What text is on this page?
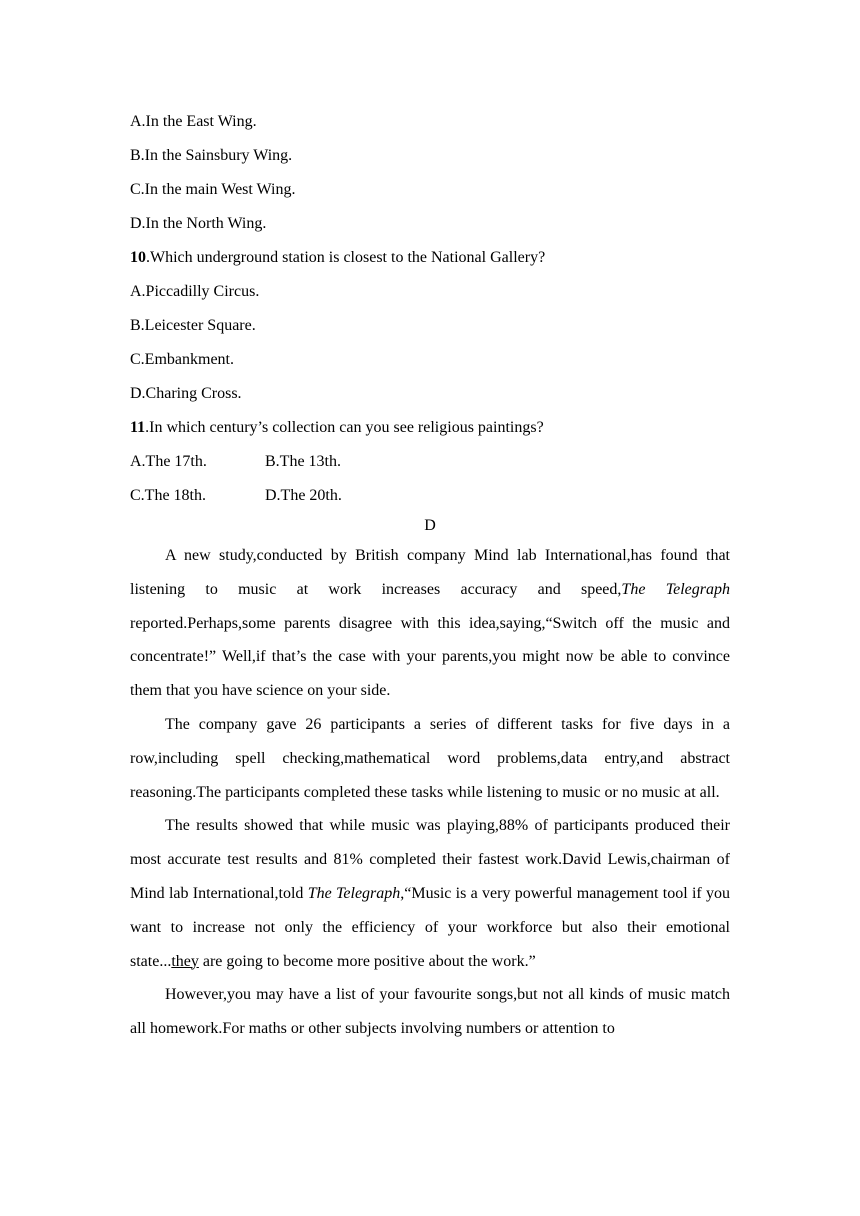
A.In the East Wing.
B.In the Sainsbury Wing.
C.In the main West Wing.
D.In the North Wing.
10.Which underground station is closest to the National Gallery?
A.Piccadilly Circus.
B.Leicester Square.
C.Embankment.
D.Charing Cross.
11.In which century’s collection can you see religious paintings?
A.The 17th.	B.The 13th.
C.The 18th.	D.The 20th.
D

A new study,conducted by British company Mind lab International,has found that listening to music at work increases accuracy and speed,The Telegraph reported.Perhaps,some parents disagree with this idea,saying,“Switch off the music and concentrate!” Well,if that’s the case with your parents,you might now be able to convince them that you have science on your side.

The company gave 26 participants a series of different tasks for five days in a row,including spell checking,mathematical word problems,data entry,and abstract reasoning.The participants completed these tasks while listening to music or no music at all.

The results showed that while music was playing,88% of participants produced their most accurate test results and 81% completed their fastest work.David Lewis,chairman of Mind lab International,told The Telegraph,“Music is a very powerful management tool if you want to increase not only the efficiency of your workforce but also their emotional state...they are going to become more positive about the work.”

However,you may have a list of your favourite songs,but not all kinds of music match all homework.For maths or other subjects involving numbers or attention to
